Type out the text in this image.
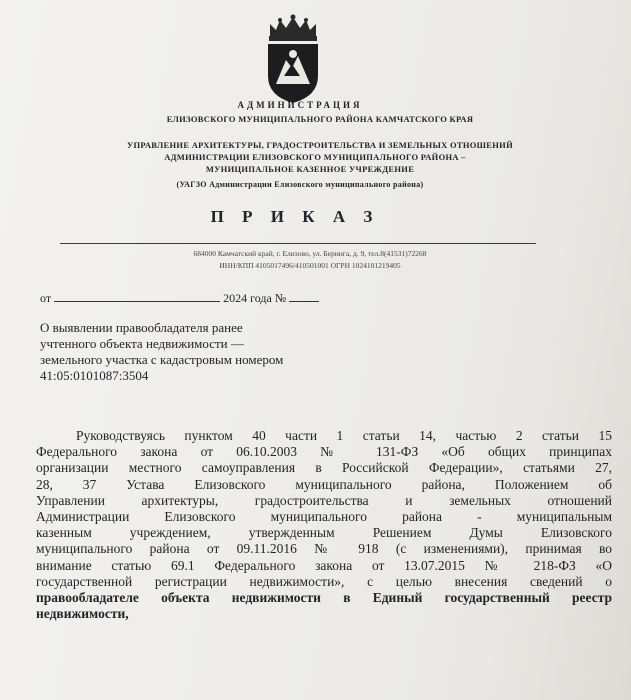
АДМИНИСТРАЦИЯ
ЕЛИЗОВСКОГО МУНИЦИПАЛЬНОГО РАЙОНА КАМЧАТСКОГО КРАЯ
УПРАВЛЕНИЕ АРХИТЕКТУРЫ, ГРАДОСТРОИТЕЛЬСТВА И ЗЕМЕЛЬНЫХ ОТНОШЕНИЙ
АДМИНИСТРАЦИИ ЕЛИЗОВСКОГО МУНИЦИПАЛЬНОГО РАЙОНА –
МУНИЦИПАЛЬНОЕ КАЗЕННОЕ УЧРЕЖДЕНИЕ
(УАГЗО Администрации Елизовского муниципального района)
П Р И К А З
684000 Камчатский край, г. Елизово, ул. Беринга, д. 9, тел.8(41531)72268
ИНН/КПП 4105017496/410501001 ОГРН 1024101219405
от	2024 года №
О выявлении правообладателя ранее
учтенного объекта недвижимости —
земельного участка с кадастровым номером
41:05:0101087:3504
Руководствуясь пунктом 40 части 1 статьи 14, частью 2 статьи 15
Федерального закона от 06.10.2003 № 131-ФЗ «Об общих принципах
организации местного самоуправления в Российской Федерации», статьями 27,
28, 37 Устава Елизовского муниципального района, Положением об
Управлении архитектуры, градостроительства и земельных отношений
Администрации Елизовского муниципального района - муниципальным
казенным учреждением, утвержденным Решением Думы Елизовского
муниципального района от 09.11.2016 № 918 (с изменениями), принимая во
внимание статью 69.1 Федерального закона от 13.07.2015 № 218-ФЗ «О
государственной регистрации недвижимости», с целью внесения сведений о
правообладателе объекта недвижимости в Единый государственный реестр
недвижимости,
